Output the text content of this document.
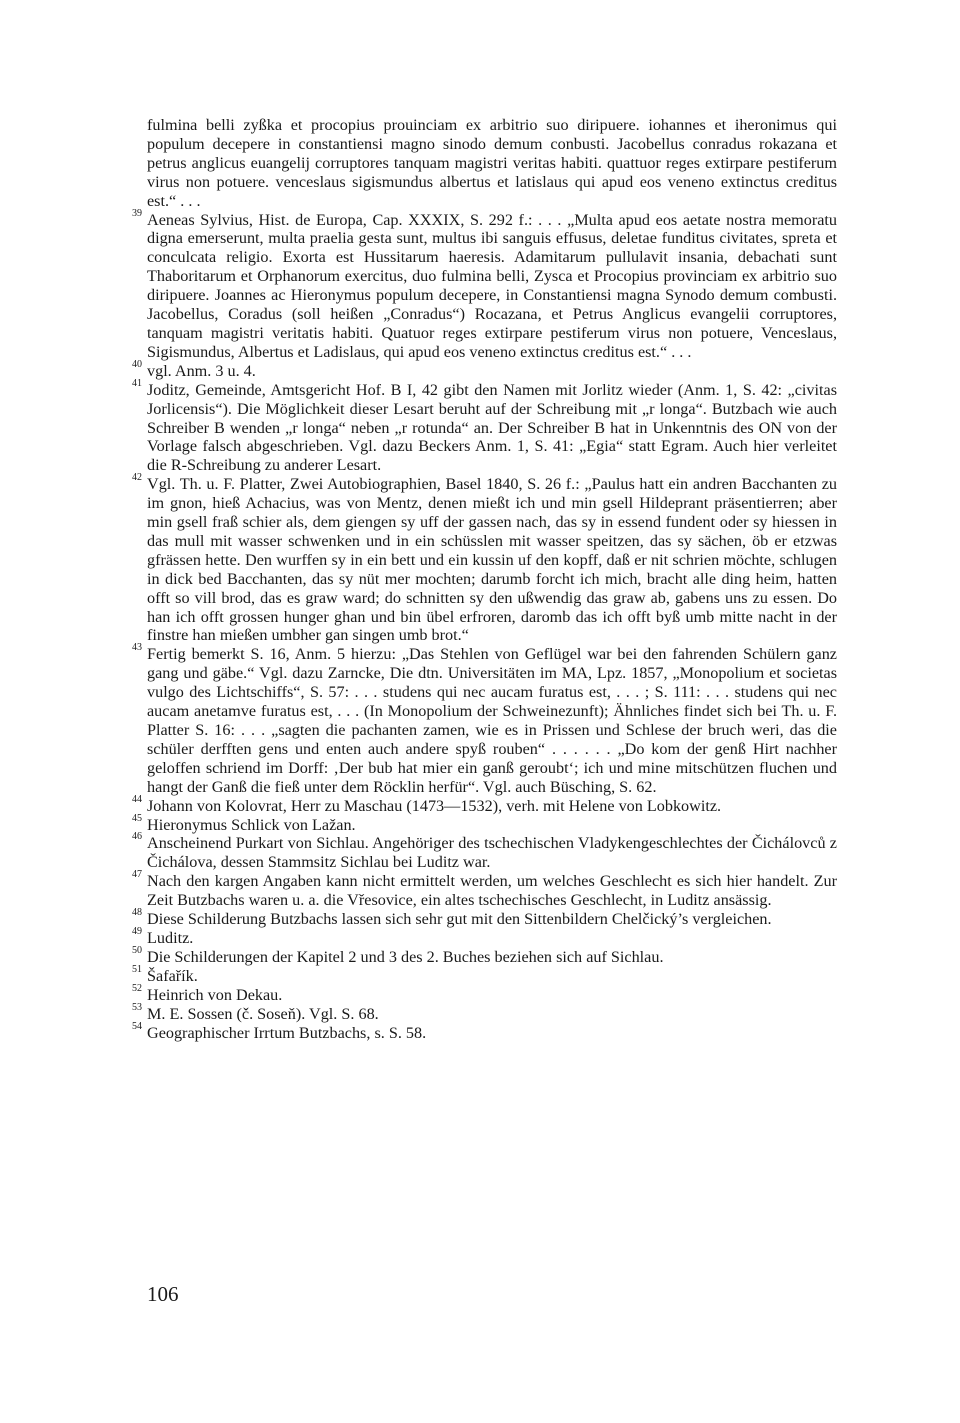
fulmina belli zyßka et procopius prouinciam ex arbitrio suo diripuere. iohannes et iheronimus qui populum decepere in constantiensi magno sinodo demum conbusti. Jacobellus conradus rokazana et petrus anglicus euangelij corruptores tanquam magistri veritas habiti. quattuor reges extirpare pestiferum virus non potuere. venceslaus sigismundus albertus et latislaus qui apud eos veneno extinctus creditus est.“ . . .

39 Aeneas Sylvius, Hist. de Europa, Cap. XXXIX, S. 292 f.: . . . „Multa apud eos aetate nostra memoratu digna emerserunt, multa praelia gesta sunt, multus ibi sanguis effusus, deletae funditus civitates, spreta et conculcata religio. Exorta est Hussitarum haeresis. Adamitarum pullulavit insania, debachati sunt Thaboritarum et Orphanorum exercitus, duo fulmina belli, Zysca et Procopius provinciam ex arbitrio suo diripuere. Joannes ac Hieronymus populum decepere, in Constantiensi magna Synodo demum combusti. Jacobellus, Coradus (soll heißen „Conradus“) Rocazana, et Petrus Anglicus evangelii corruptores, tanquam magistri veritatis habiti. Quatuor reges extirpare pestiferum virus non potuere, Venceslaus, Sigismundus, Albertus et Ladislaus, qui apud eos veneno extinctus creditus est.“ . . .
40 vgl. Anm. 3 u. 4.
41 Joditz, Gemeinde, Amtsgericht Hof. B I, 42 gibt den Namen mit Jorlitz wieder (Anm. 1, S. 42: „civitas Jorlicensis“). Die Möglichkeit dieser Lesart beruht auf der Schreibung mit „r longa“. Butzbach wie auch Schreiber B wenden „r longa“ neben „r rotunda“ an. Der Schreiber B hat in Unkenntnis des ON von der Vorlage falsch abgeschrieben. Vgl. dazu Beckers Anm. 1, S. 41: „Egia“ statt Egram. Auch hier verleitet die R-Schreibung zu anderer Lesart.
42 Vgl. Th. u. F. Platter, Zwei Autobiographien, Basel 1840, S. 26 f.: „Paulus hatt ein andren Bacchanten zu im gnon, hieß Achacius, was von Mentz, denen mießt ich und min gsell Hildeprant präsentierren; aber min gsell fraß schier als, dem giengen sy uff der gassen nach, das sy in essend fundent oder sy hiessen in das mull mit wasser schwenken und in ein schüsslen mit wasser speitzen, das sy sächen, öb er etzwas gfrässen hette. Den wurffen sy in ein bett und ein kussin uf den kopff, daß er nit schrien möchte, schlugen in dick bed Bacchanten, das sy nüt mer mochten; darumb forcht ich mich, bracht alle ding heim, hatten offt so vill brod, das es graw ward; do schnitten sy den ußwendig das graw ab, gabens uns zu essen. Do han ich offt grossen hunger ghan und bin übel erfroren, daromb das ich offt byß umb mitte nacht in der finstre han mießen umbher gan singen umb brot.“
43 Fertig bemerkt S. 16, Anm. 5 hierzu: „Das Stehlen von Geflügel war bei den fahrenden Schülern ganz gang und gäbe.“ Vgl. dazu Zarncke, Die dtn. Universitäten im MA, Lpz. 1857, „Monopolium et societas vulgo des Lichtschiffs“, S. 57: . . . studens qui nec aucam furatus est, . . . ; S. 111: . . . studens qui nec aucam anetamve furatus est, . . . (In Monopolium der Schweinezunft); Ähnliches findet sich bei Th. u. F. Platter S. 16: . . . „sagten die pachanten zamen, wie es in Prissen und Schlese der bruch weri, das die schüler derfften gens und enten auch andere spyß rouben“ . . . . . . „Do kom der genß Hirt nachher geloffen schriend im Dorff: ‚Der bub hat mier ein ganß geroubt‘; ich und mine mitschützen fluchen und hangt der Ganß die fieß unter dem Röcklin herfür“. Vgl. auch Büsching, S. 62.
44 Johann von Kolovrat, Herr zu Maschau (1473—1532), verh. mit Helene von Lobkowitz.
45 Hieronymus Schlick von Lažan.
46 Anscheinend Purkart von Sichlau. Angehöriger des tschechischen Vladykengeschlechtes der Čichálovců z Čichálova, dessen Stammsitz Sichlau bei Luditz war.
47 Nach den kargen Angaben kann nicht ermittelt werden, um welches Geschlecht es sich hier handelt. Zur Zeit Butzbachs waren u. a. die Vřesovice, ein altes tschechisches Geschlecht, in Luditz ansässig.
48 Diese Schilderung Butzbachs lassen sich sehr gut mit den Sittenbildern Chelčický’s vergleichen.
49 Luditz.
50 Die Schilderungen der Kapitel 2 und 3 des 2. Buches beziehen sich auf Sichlau.
51 Šafařík.
52 Heinrich von Dekau.
53 M. E. Sossen (č. Soseň). Vgl. S. 68.
54 Geographischer Irrtum Butzbachs, s. S. 58.
106
